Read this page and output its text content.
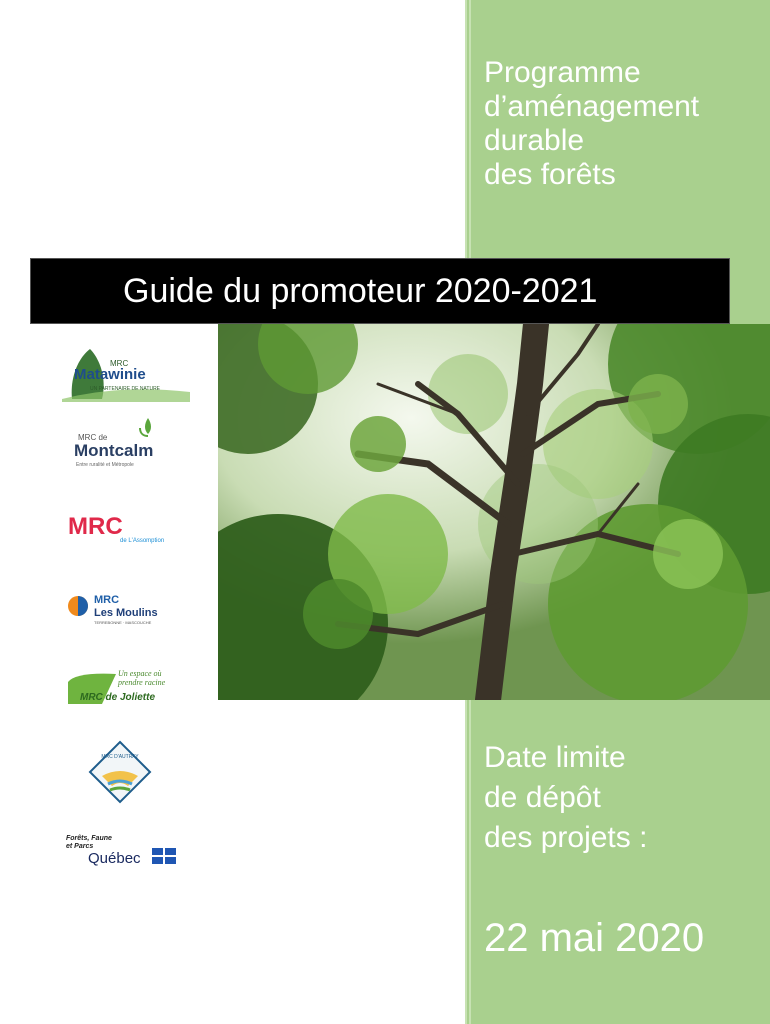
Programme
d’aménagement
durable
des forêts
Guide du promoteur 2020-2021
MRC
Matawinie
UN PARTENAIRE DE NATURE
MRC de
Montcalm
Entre ruralité et Métropole
MRC
de L'Assomption
MRC
Les Moulins
TERREBONNE · MASCOUCHE
Un espace où
prendre racine
MRC de Joliette
MRC D'AUTRAY
Forêts, Faune
et Parcs
Québec
Date limite
de dépôt
des projets :
22 mai 2020
